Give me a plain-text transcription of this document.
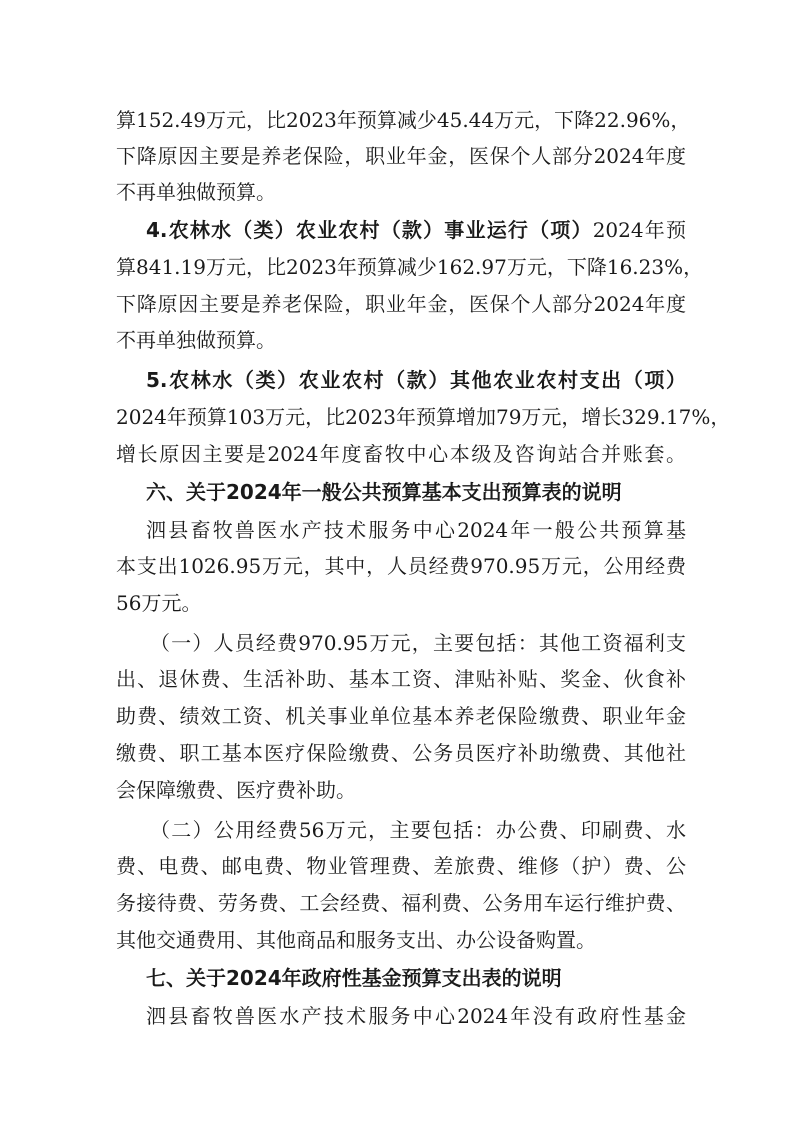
算152.49万元，比2023年预算减少45.44万元，下降22.96%，
下降原因主要是养老保险，职业年金，医保个人部分2024年度
不再单独做预算。
4.农林水（类）农业农村（款）事业运行（项）2024年预
算841.19万元，比2023年预算减少162.97万元，下降16.23%，
下降原因主要是养老保险，职业年金，医保个人部分2024年度
不再单独做预算。
5.农林水（类）农业农村（款）其他农业农村支出（项）
2024年预算103万元，比2023年预算增加79万元，增长329.17%，
增长原因主要是2024年度畜牧中心本级及咨询站合并账套。
六、关于2024年一般公共预算基本支出预算表的说明
泗县畜牧兽医水产技术服务中心2024年一般公共预算基
本支出1026.95万元，其中，人员经费970.95万元，公用经费
56万元。
（一）人员经费970.95万元，主要包括：其他工资福利支
出、退休费、生活补助、基本工资、津贴补贴、奖金、伙食补
助费、绩效工资、机关事业单位基本养老保险缴费、职业年金
缴费、职工基本医疗保险缴费、公务员医疗补助缴费、其他社
会保障缴费、医疗费补助。
（二）公用经费56万元，主要包括：办公费、印刷费、水
费、电费、邮电费、物业管理费、差旅费、维修（护）费、公
务接待费、劳务费、工会经费、福利费、公务用车运行维护费、
其他交通费用、其他商品和服务支出、办公设备购置。
七、关于2024年政府性基金预算支出表的说明
泗县畜牧兽医水产技术服务中心2024年没有政府性基金
